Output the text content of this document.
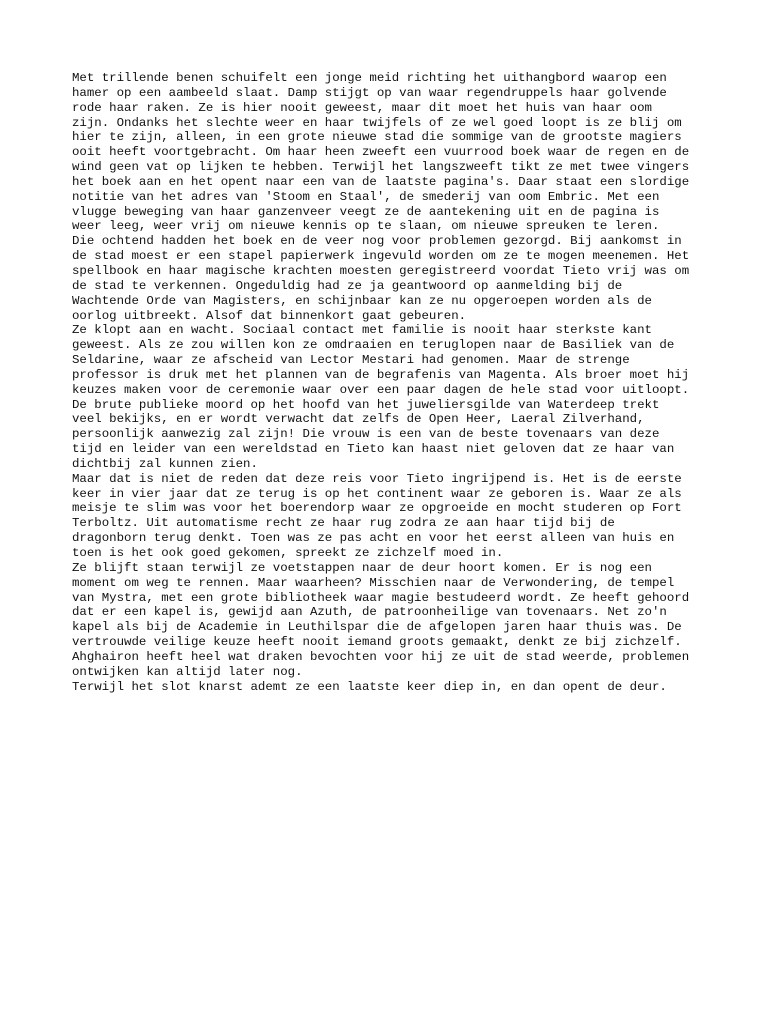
Met trillende benen schuifelt een jonge meid richting het uithangbord waarop een
hamer op een aambeeld slaat. Damp stijgt op van waar regendruppels haar golvende
rode haar raken. Ze is hier nooit geweest, maar dit moet het huis van haar oom
zijn. Ondanks het slechte weer en haar twijfels of ze wel goed loopt is ze blij om
hier te zijn, alleen, in een grote nieuwe stad die sommige van de grootste magiers
ooit heeft voortgebracht. Om haar heen zweeft een vuurrood boek waar de regen en de
wind geen vat op lijken te hebben. Terwijl het langszweeft tikt ze met twee vingers
het boek aan en het opent naar een van de laatste pagina's. Daar staat een slordige
notitie van het adres van 'Stoom en Staal', de smederij van oom Embric. Met een
vlugge beweging van haar ganzenveer veegt ze de aantekening uit en de pagina is
weer leeg, weer vrij om nieuwe kennis op te slaan, om nieuwe spreuken te leren.
Die ochtend hadden het boek en de veer nog voor problemen gezorgd. Bij aankomst in
de stad moest er een stapel papierwerk ingevuld worden om ze te mogen meenemen. Het
spellbook en haar magische krachten moesten geregistreerd voordat Tieto vrij was om
de stad te verkennen. Ongeduldig had ze ja geantwoord op aanmelding bij de
Wachtende Orde van Magisters, en schijnbaar kan ze nu opgeroepen worden als de
oorlog uitbreekt. Alsof dat binnenkort gaat gebeuren.
Ze klopt aan en wacht. Sociaal contact met familie is nooit haar sterkste kant
geweest. Als ze zou willen kon ze omdraaien en teruglopen naar de Basiliek van de
Seldarine, waar ze afscheid van Lector Mestari had genomen. Maar de strenge
professor is druk met het plannen van de begrafenis van Magenta. Als broer moet hij
keuzes maken voor de ceremonie waar over een paar dagen de hele stad voor uitloopt.
De brute publieke moord op het hoofd van het juweliersgilde van Waterdeep trekt
veel bekijks, en er wordt verwacht dat zelfs de Open Heer, Laeral Zilverhand,
persoonlijk aanwezig zal zijn! Die vrouw is een van de beste tovenaars van deze
tijd en leider van een wereldstad en Tieto kan haast niet geloven dat ze haar van
dichtbij zal kunnen zien.
Maar dat is niet de reden dat deze reis voor Tieto ingrijpend is. Het is de eerste
keer in vier jaar dat ze terug is op het continent waar ze geboren is. Waar ze als
meisje te slim was voor het boerendorp waar ze opgroeide en mocht studeren op Fort
Terboltz. Uit automatisme recht ze haar rug zodra ze aan haar tijd bij de
dragonborn terug denkt. Toen was ze pas acht en voor het eerst alleen van huis en
toen is het ook goed gekomen, spreekt ze zichzelf moed in.
Ze blijft staan terwijl ze voetstappen naar de deur hoort komen. Er is nog een
moment om weg te rennen. Maar waarheen? Misschien naar de Verwondering, de tempel
van Mystra, met een grote bibliotheek waar magie bestudeerd wordt. Ze heeft gehoord
dat er een kapel is, gewijd aan Azuth, de patroonheilige van tovenaars. Net zo'n
kapel als bij de Academie in Leuthilspar die de afgelopen jaren haar thuis was. De
vertrouwde veilige keuze heeft nooit iemand groots gemaakt, denkt ze bij zichzelf.
Ahghairon heeft heel wat draken bevochten voor hij ze uit de stad weerde, problemen
ontwijken kan altijd later nog.
Terwijl het slot knarst ademt ze een laatste keer diep in, en dan opent de deur.
